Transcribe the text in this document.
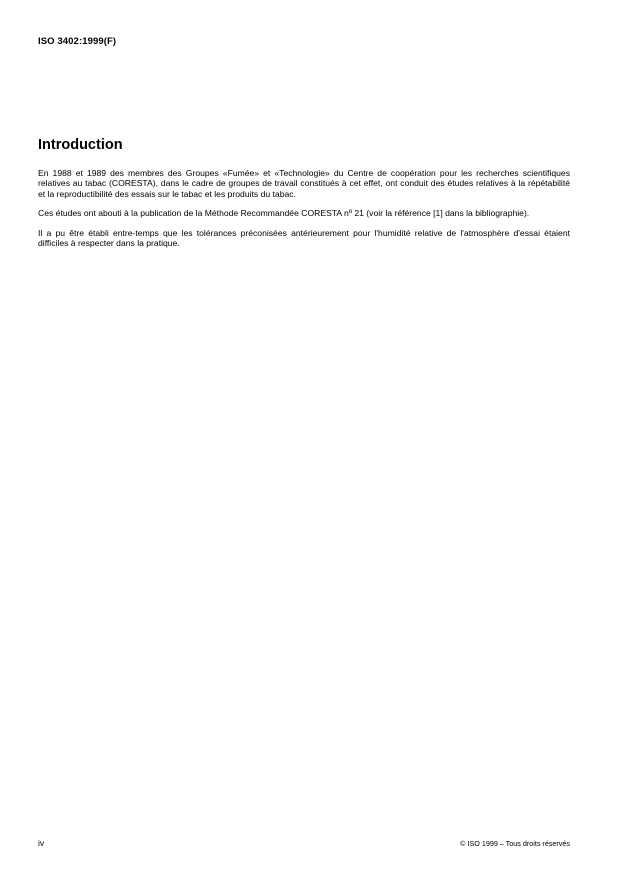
ISO 3402:1999(F)
Introduction

En 1988 et 1989 des membres des Groupes «Fumée» et «Technologie» du Centre de coopération pour les recherches scientifiques relatives au tabac (CORESTA), dans le cadre de groupes de travail constitués à cet effet, ont conduit des études relatives à la répétabilité et la reproductibilité des essais sur le tabac et les produits du tabac.

Ces études ont abouti à la publication de la Méthode Recommandée CORESTA nº 21 (voir la référence [1] dans la bibliographie).

Il a pu être établi entre-temps que les tolérances préconisées antérieurement pour l'humidité relative de l'atmosphère d'essai étaient difficiles à respecter dans la pratique.

iv	© ISO 1999 – Tous droits réservés
